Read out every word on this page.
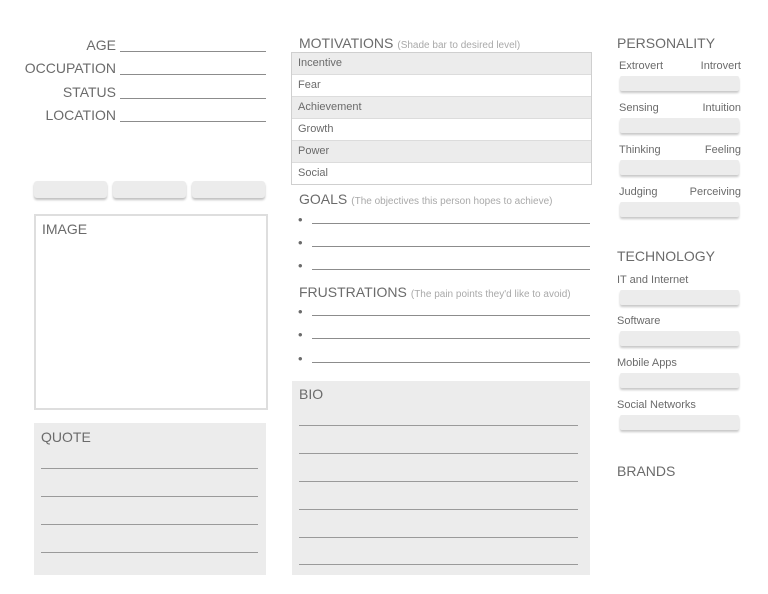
AGE
OCCUPATION
STATUS
LOCATION
IMAGE
QUOTE
MOTIVATIONS (Shade bar to desired level)
Incentive
Fear
Achievement
Growth
Power
Social
GOALS (The objectives this person hopes to achieve)
•
•
•
FRUSTRATIONS (The pain points they'd like to avoid)
•
•
•
BIO
PERSONALITY
Extrovert	Introvert
Sensing	Intuition
Thinking	Feeling
Judging	Perceiving
TECHNOLOGY
IT and Internet
Software
Mobile Apps
Social Networks
BRANDS
